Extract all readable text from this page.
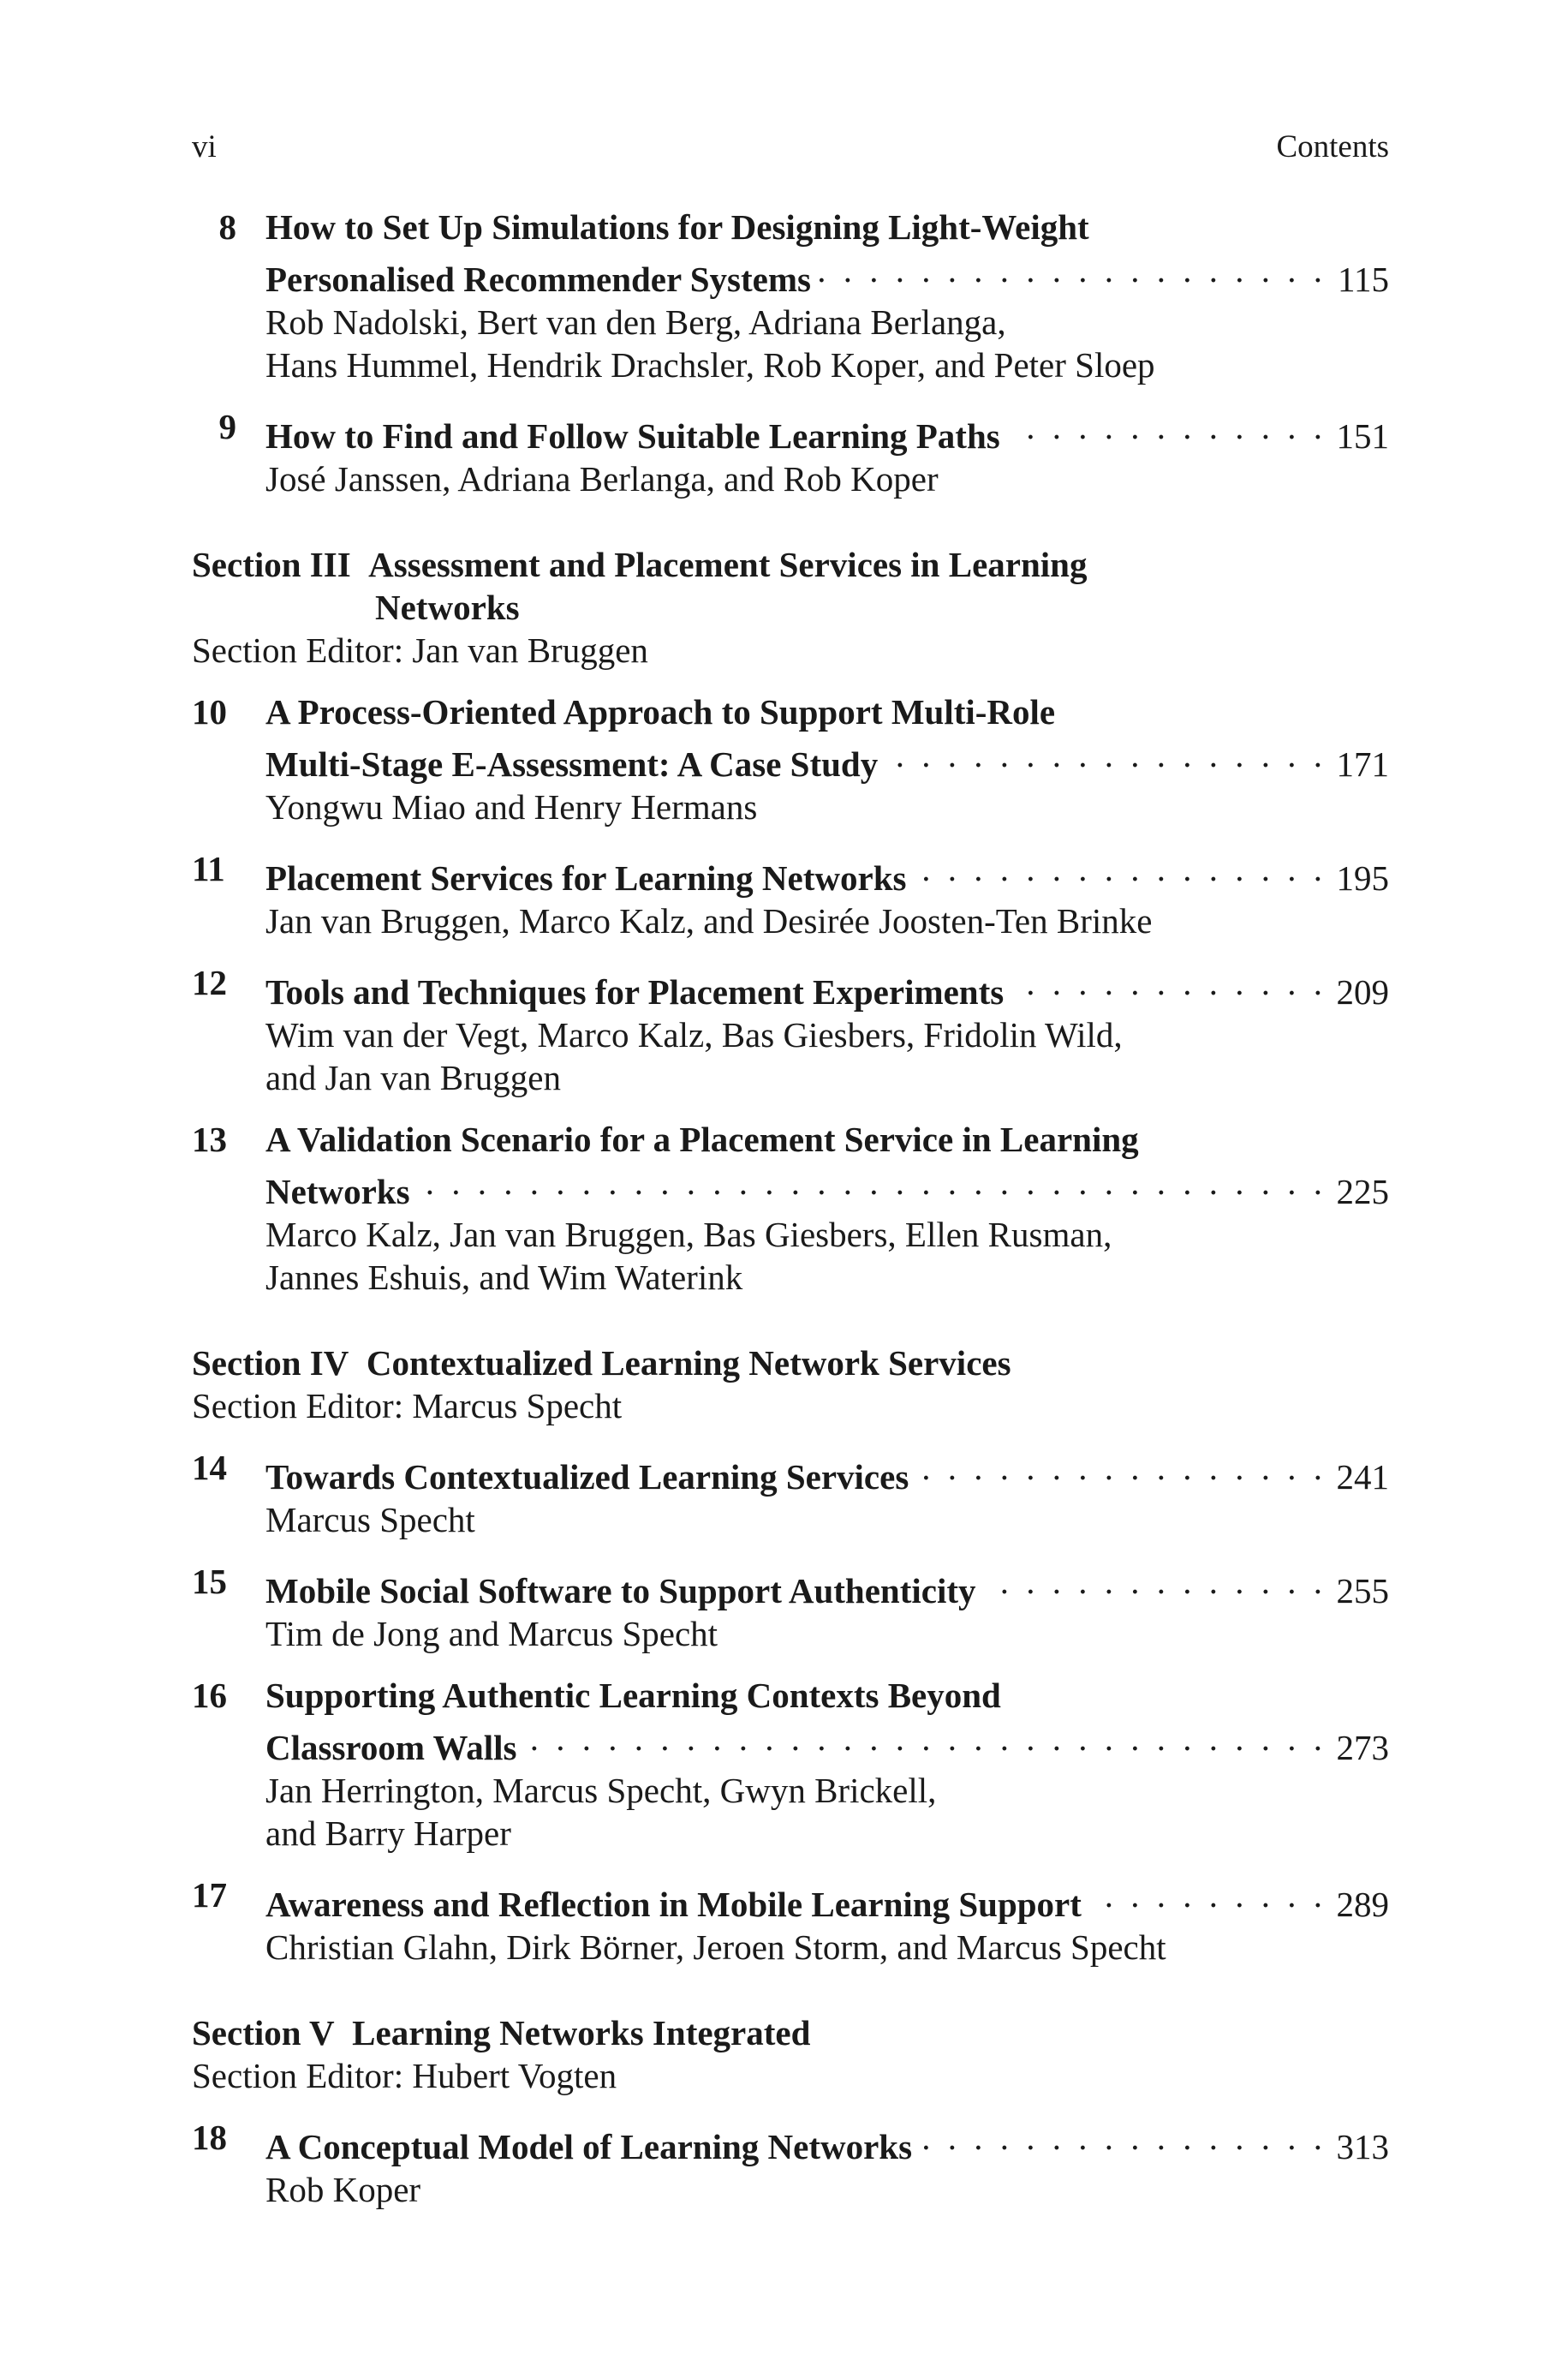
vi	Contents
8 How to Set Up Simulations for Designing Light-Weight
Personalised Recommender Systems . . .	115
Rob Nadolski, Bert van den Berg, Adriana Berlanga,
Hans Hummel, Hendrik Drachsler, Rob Koper, and Peter Sloep
9 How to Find and Follow Suitable Learning Paths . . .	151
José Janssen, Adriana Berlanga, and Rob Koper
Section III Assessment and Placement Services in Learning
Networks
Section Editor: Jan van Bruggen
10 A Process-Oriented Approach to Support Multi-Role
Multi-Stage E-Assessment: A Case Study . . .	171
Yongwu Miao and Henry Hermans
11	Placement Services for Learning Networks . . .	195
Jan van Bruggen, Marco Kalz, and Desirée Joosten-Ten Brinke
12 Tools and Techniques for Placement Experiments . . .	209
Wim van der Vegt, Marco Kalz, Bas Giesbers, Fridolin Wild,
and Jan van Bruggen
13 A Validation Scenario for a Placement Service in Learning
Networks . . .	225
Marco Kalz, Jan van Bruggen, Bas Giesbers, Ellen Rusman,
Jannes Eshuis, and Wim Waterink
Section IV Contextualized Learning Network Services
Section Editor: Marcus Specht
14 Towards Contextualized Learning Services . . .	241
Marcus Specht
15 Mobile Social Software to Support Authenticity . . .	255
Tim de Jong and Marcus Specht
16 Supporting Authentic Learning Contexts Beyond
Classroom Walls . . .	273
Jan Herrington, Marcus Specht, Gwyn Brickell,
and Barry Harper
17 Awareness and Reflection in Mobile Learning Support . . .	289
Christian Glahn, Dirk Börner, Jeroen Storm, and Marcus Specht
Section V Learning Networks Integrated
Section Editor: Hubert Vogten
18 A Conceptual Model of Learning Networks . . .	313
Rob Koper
